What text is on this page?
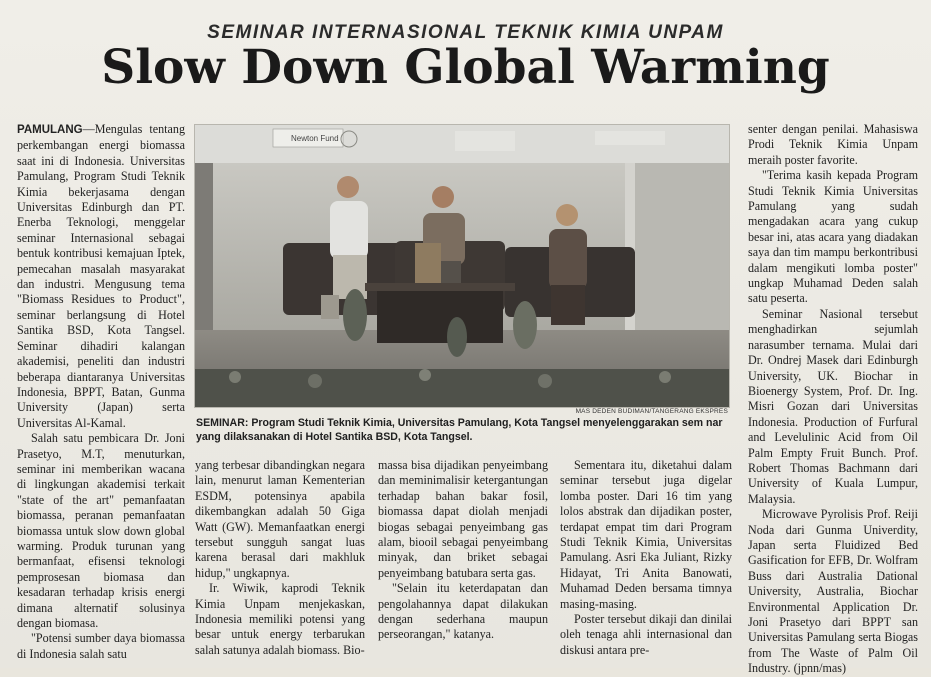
SEMINAR INTERNASIONAL TEKNIK KIMIA UNPAM
Slow Down Global Warming

PAMULANG—Mengulas tentang perkembangan energi biomassa saat ini di Indonesia. Universitas Pamulang, Program Studi Teknik Kimia bekerjasama dengan Universitas Edinburgh dan PT. Enerba Teknologi, menggelar seminar Internasional sebagai bentuk kontribusi kemajuan Iptek, pemecahan masalah masyarakat dan industri. Mengusung tema "Biomass Residues to Product", seminar berlangsung di Hotel Santika BSD, Kota Tangsel. Seminar dihadiri kalangan akademisi, peneliti dan industri beberapa diantaranya Universitas Indonesia, BPPT, Batan, Gunma University (Japan) serta Universitas Al-Kamal.

Salah satu pembicara Dr. Joni Prasetyo, M.T, menuturkan, seminar ini memberikan wacana di lingkungan akademisi terkait "state of the art" pemanfaatan biomassa, peranan pemanfaatan biomassa untuk slow down global warming. Produk turunan yang bermanfaat, efisensi teknologi pemprosesan biomasa dan kesadaran terhadap krisis energi dimana alternatif solusinya dengan biomasa.

"Potensi sumber daya biomassa di Indonesia salah satu

Newton Fund
MAS DEDEN BUDIMAN/TANGERANG EKSPRES
SEMINAR: Program Studi Teknik Kimia, Universitas Pamulang, Kota Tangsel menyelenggarakan sem nar yang dilaksanakan di Hotel Santika BSD, Kota Tangsel.

yang terbesar dibandingkan negara lain, menurut laman Kementerian ESDM, potensinya apabila dikembangkan adalah 50 Giga Watt (GW). Memanfaatkan energi tersebut sungguh sangat luas karena berasal dari makhluk hidup," ungkapnya.

Ir. Wiwik, kaprodi Teknik Kimia Unpam menjekaskan, Indonesia memiliki potensi yang besar untuk energy terbarukan salah satunya adalah biomass. Bio-

massa bisa dijadikan penyeimbang dan meminimalisir ketergantungan terhadap bahan bakar fosil, biomassa dapat diolah menjadi biogas sebagai penyeimbang gas alam, biooil sebagai penyeimbang minyak, dan briket sebagai penyeimbang batubara serta gas.

"Selain itu keterdapatan dan pengolahannya dapat dilakukan dengan sederhana maupun perseorangan," katanya.

Sementara itu, diketahui dalam seminar tersebut juga digelar lomba poster. Dari 16 tim yang lolos abstrak dan dijadikan poster, terdapat empat tim dari Program Studi Teknik Kimia, Universitas Pamulang. Asri Eka Juliant, Rizky Hidayat, Tri Anita Banowati, Muhamad Deden bersama timnya masing-masing.

Poster tersebut dikaji dan dinilai oleh tenaga ahli internasional dan diskusi antara pre-

senter dengan penilai. Mahasiswa Prodi Teknik Kimia Unpam meraih poster favorite.

"Terima kasih kepada Program Studi Teknik Kimia Universitas Pamulang yang sudah mengadakan acara yang cukup besar ini, atas acara yang diadakan saya dan tim mampu berkontribusi dalam mengikuti lomba poster" ungkap Muhamad Deden salah satu peserta.

Seminar Nasional tersebut menghadirkan sejumlah narasumber ternama. Mulai dari Dr. Ondrej Masek dari Edinburgh University, UK. Biochar in Bioenergy System, Prof. Dr. Ing. Misri Gozan dari Universitas Indonesia. Production of Furfural and Levelulinic Acid from Oil Palm Empty Fruit Bunch. Prof. Robert Thomas Bachmann dari University of Kuala Lumpur, Malaysia.

Microwave Pyrolisis Prof. Reiji Noda dari Gunma Univerdity, Japan serta Fluidized Bed Gasification for EFB, Dr. Wolfram Buss dari Australia Dational University, Australia, Biochar Environmental Application Dr. Joni Prasetyo dari BPPT san Universitas Pamulang serta Biogas from The Waste of Palm Oil Industry. (jpnn/mas)
